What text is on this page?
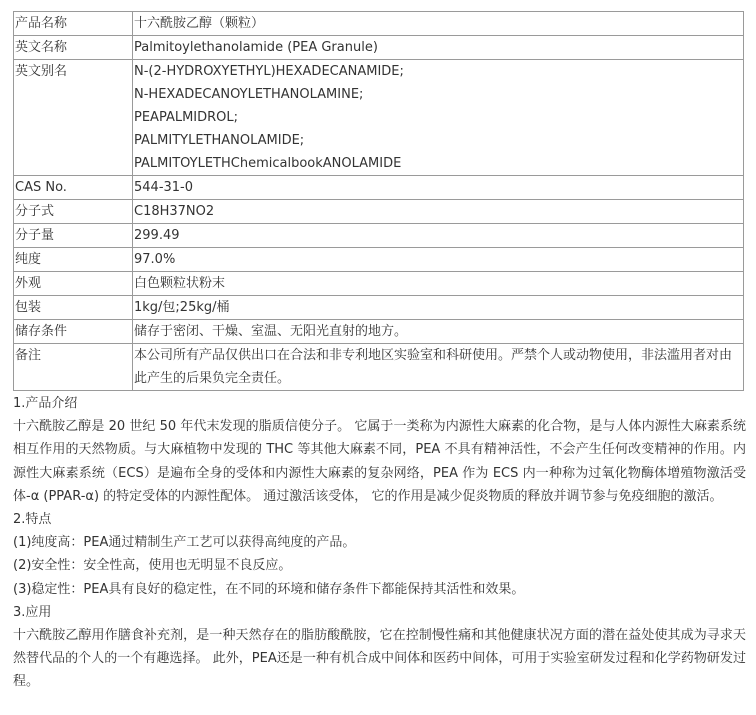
产品名称	十六酰胺乙醇（颗粒）

英文名称	Palmitoylethanolamide (PEA Granule)

英文别名	N-(2-HYDROXYETHYL)HEXADECANAMIDE;
N-HEXADECANOYLETHANOLAMINE;
PEAPALMIDROL;
PALMITYLETHANOLAMIDE;
PALMITOYLETHChemicalbookANOLAMIDE

CAS No.	544-31-0

分子式	C18H37NO2

分子量	299.49

纯度	97.0%

外观	白色颗粒状粉末

包装	1kg/包;25kg/桶

储存条件	储存于密闭、干燥、室温、无阳光直射的地方。

备注	本公司所有产品仅供出口在合法和非专利地区实验室和科研使用。严禁个人或动物使用，非法滥用者对由此产生的后果负完全责任。

1.产品介绍

十六酰胺乙醇是 20 世纪 50 年代末发现的脂质信使分子。 它属于一类称为内源性大麻素的化合物，是与人体内源性大麻素系统相互作用的天然物质。与大麻植物中发现的 THC 等其他大麻素不同，PEA 不具有精神活性，不会产生任何改变精神的作用。内源性大麻素系统（ECS）是遍布全身的受体和内源性大麻素的复杂网络，PEA 作为 ECS 内一种称为过氧化物酶体增殖物激活受体-α (PPAR-α) 的特定受体的内源性配体。 通过激活该受体， 它的作用是减少促炎物质的释放并调节参与免疫细胞的激活。

2.特点

(1)纯度高：PEA通过精制生产工艺可以获得高纯度的产品。

(2)安全性：安全性高，使用也无明显不良反应。

(3)稳定性：PEA具有良好的稳定性，在不同的环境和储存条件下都能保持其活性和效果。

3.应用

十六酰胺乙醇用作膳食补充剂，是一种天然存在的脂肪酸酰胺，它在控制慢性痛和其他健康状况方面的潜在益处使其成为寻求天然替代品的个人的一个有趣选择。 此外，PEA还是一种有机合成中间体和医药中间体，可用于实验室研发过程和化学药物研发过程。
